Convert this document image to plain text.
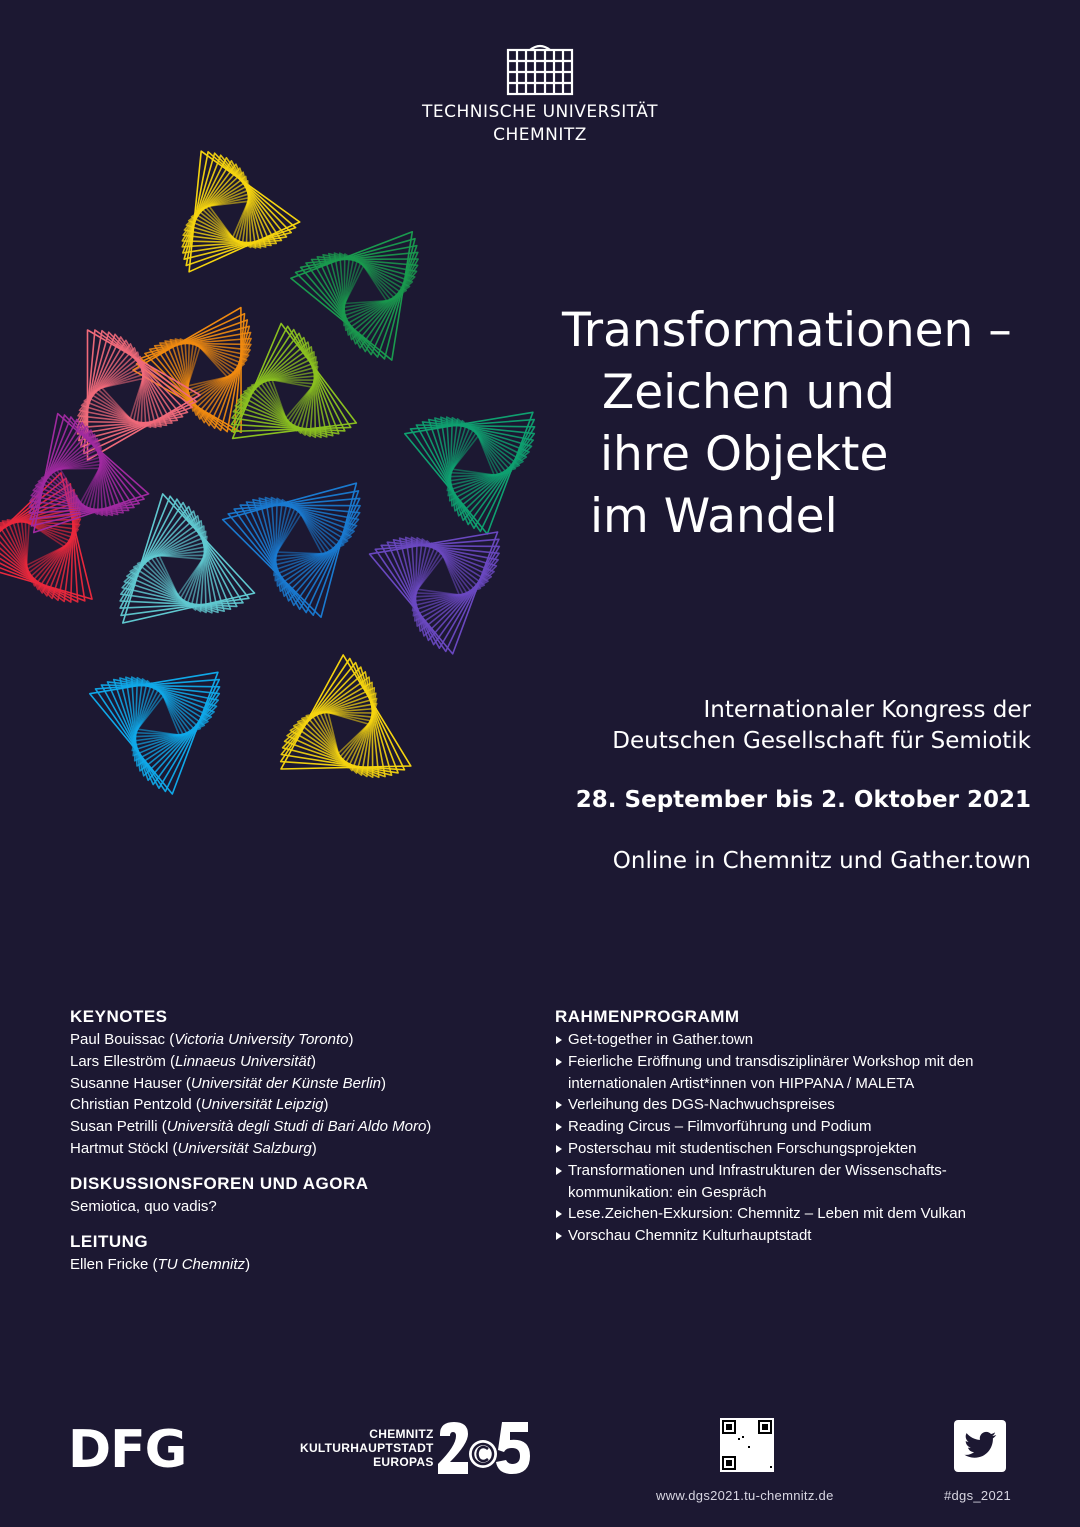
TECHNISCHE UNIVERSITÄT
CHEMNITZ
Transformationen –
Zeichen und
ihre Objekte
im Wandel
Internationaler Kongress der
Deutschen Gesellschaft für Semiotik
28. September bis 2. Oktober 2021
Online in Chemnitz und Gather.town
KEYNOTES
Paul Bouissac (Victoria University Toronto)
Lars Elleström (Linnaeus Universität)
Susanne Hauser (Universität der Künste Berlin)
Christian Pentzold (Universität Leipzig)
Susan Petrilli (Università degli Studi di Bari Aldo Moro)
Hartmut Stöckl (Universität Salzburg)
DISKUSSIONSFOREN UND AGORA
Semiotica, quo vadis?
LEITUNG
Ellen Fricke (TU Chemnitz)
RAHMENPROGRAMM
Get-together in Gather.town
Feierliche Eröffnung und transdisziplinärer Workshop mit den
internationalen Artist*innen von HIPPANA / MALETA
Verleihung des DGS-Nachwuchspreises
Reading Circus – Filmvorführung und Podium
Posterschau mit studentischen Forschungsprojekten
Transformationen und Infrastrukturen der Wissenschafts-
kommunikation: ein Gespräch
Lese.Zeichen-Exkursion: Chemnitz – Leben mit dem Vulkan
Vorschau Chemnitz Kulturhauptstadt
DFG	CHEMNITZ
KULTURHAUPTSTADT
EUROPAS
www.dgs2021.tu-chemnitz.de	#dgs_2021
